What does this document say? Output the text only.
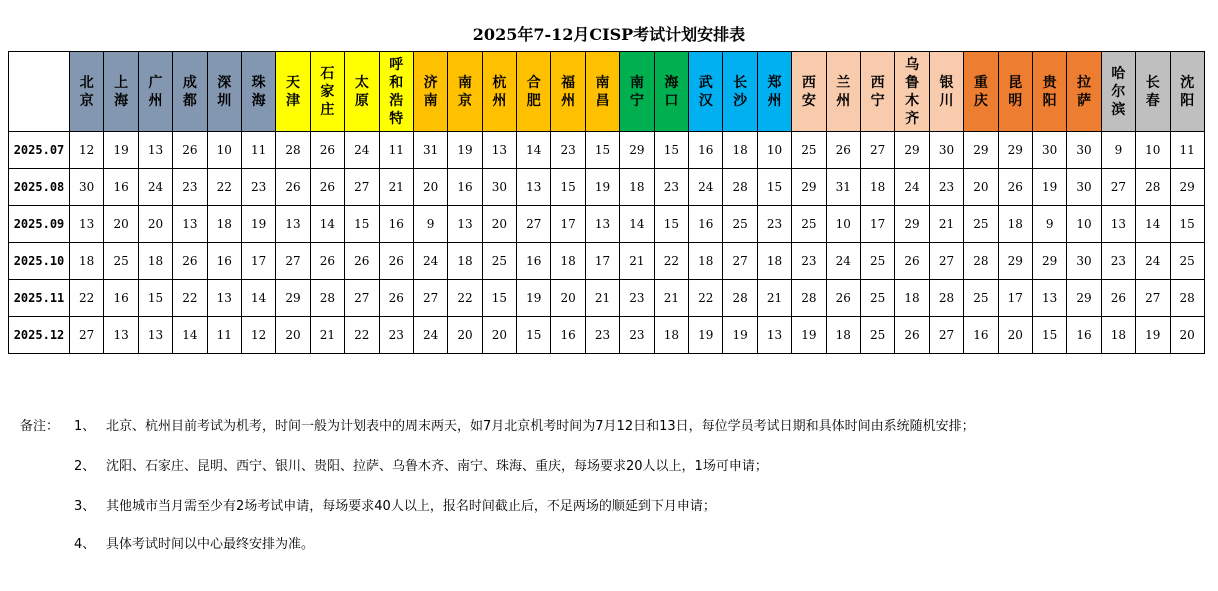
2025年7-12月CISP考试计划安排表
	北京	上海	广州	成都	深圳	珠海	天津	石家庄	太原	呼和浩特	济南	南京	杭州	合肥	福州	南昌	南宁	海口	武汉	长沙	郑州	西安	兰州	西宁	乌鲁木齐	银川	重庆	昆明	贵阳	拉萨	哈尔滨	长春	沈阳
2025.07	12	19	13	26	10	11	28	26	24	11	31	19	13	14	23	15	29	15	16	18	10	25	26	27	29	30	29	29	30	30	9	10	11
2025.08	30	16	24	23	22	23	26	26	27	21	20	16	30	13	15	19	18	23	24	28	15	29	31	18	24	23	20	26	19	30	27	28	29
2025.09	13	20	20	13	18	19	13	14	15	16	9	13	20	27	17	13	14	15	16	25	23	25	10	17	29	21	25	18	9	10	13	14	15
2025.10	18	25	18	26	16	17	27	26	26	26	24	18	25	16	18	17	21	22	18	27	18	23	24	25	26	27	28	29	29	30	23	24	25
2025.11	22	16	15	22	13	14	29	28	27	26	27	22	15	19	20	21	23	21	22	28	21	28	26	25	18	28	25	17	13	29	26	27	28
2025.12	27	13	13	14	11	12	20	21	22	23	24	20	20	15	16	23	23	18	19	19	13	19	18	25	26	27	16	20	15	16	18	19	20
备注： 1、 北京、杭州目前考试为机考，时间一般为计划表中的周末两天，如7月北京机考时间为7月12日和13日，每位学员考试日期和具体时间由系统随机安排；
2、 沈阳、石家庄、昆明、西宁、银川、贵阳、拉萨、乌鲁木齐、南宁、珠海、重庆，每场要求20人以上，1场可申请；
3、 其他城市当月需至少有2场考试申请，每场要求40人以上，报名时间截止后，不足两场的顺延到下月申请；
4、 具体考试时间以中心最终安排为准。
